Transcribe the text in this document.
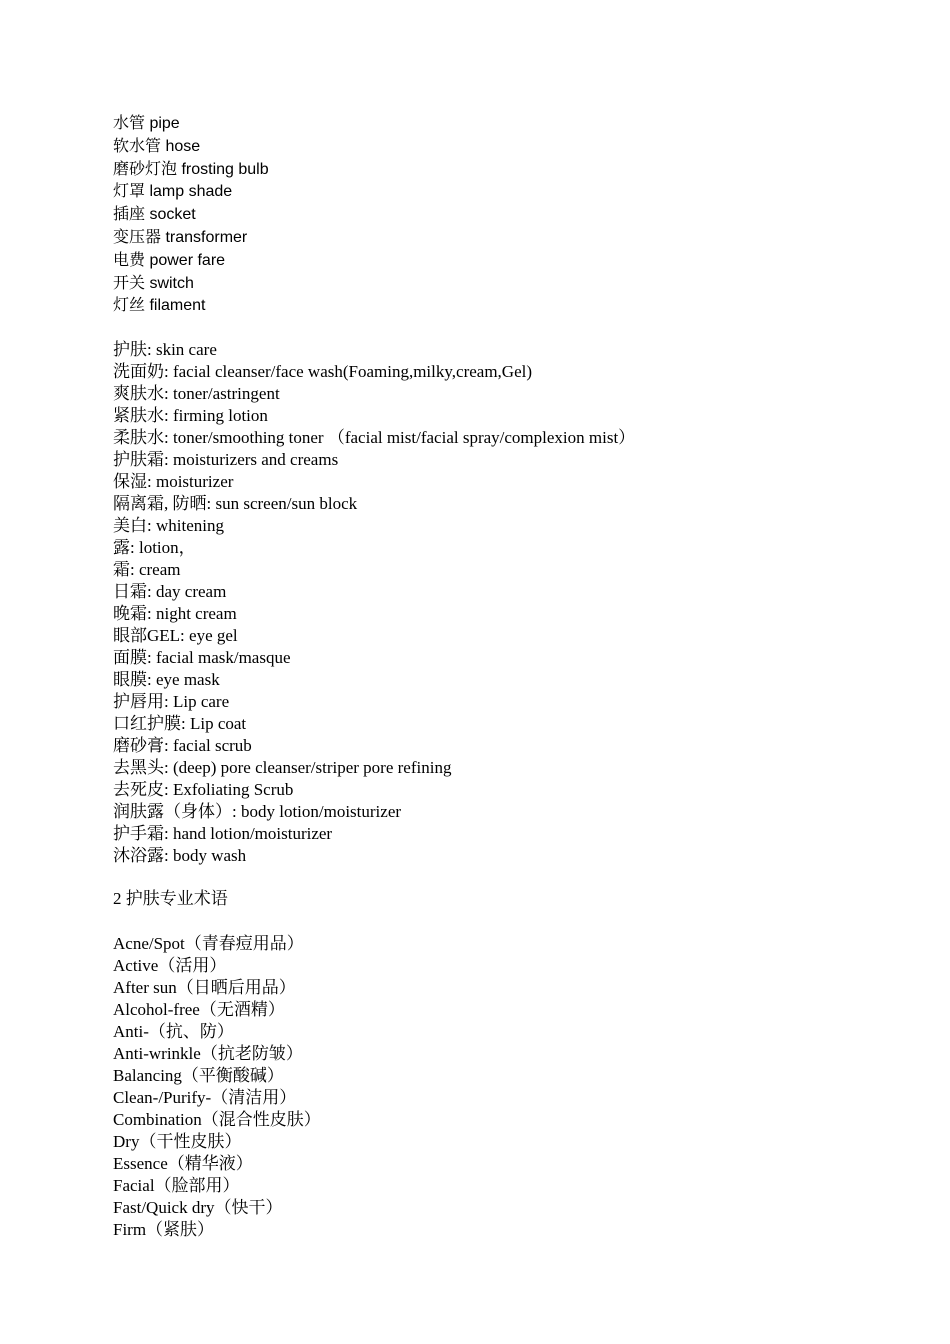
水管 pipe
软水管 hose
磨砂灯泡 frosting bulb
灯罩 lamp shade
插座 socket
变压器 transformer
电费 power fare
开关 switch
灯丝 filament
护肤: skin care
洗面奶: facial cleanser/face wash(Foaming,milky,cream,Gel)
爽肤水: toner/astringent
紧肤水: firming lotion
柔肤水: toner/smoothing toner （facial mist/facial spray/complexion mist）
护肤霜: moisturizers and creams
保湿: moisturizer
隔离霜, 防晒: sun screen/sun block
美白: whitening
露: lotion，
霜: cream
日霜: day cream
晚霜: night cream
眼部GEL: eye gel
面膜: facial mask/masque
眼膜: eye mask
护唇用: Lip care
口红护膜: Lip coat
磨砂膏: facial scrub
去黑头: (deep) pore cleanser/striper pore refining
去死皮: Exfoliating Scrub
润肤露（身体）: body lotion/moisturizer
护手霜: hand lotion/moisturizer
沐浴露: body wash
2 护肤专业术语
Acne/Spot（青春痘用品）
Active（活用）
After sun（日晒后用品）
Alcohol-free（无酒精）
Anti-（抗、防）
Anti-wrinkle（抗老防皱）
Balancing（平衡酸碱）
Clean-/Purify-（清洁用）
Combination（混合性皮肤）
Dry（干性皮肤）
Essence（精华液）
Facial（脸部用）
Fast/Quick dry（快干）
Firm（紧肤）
